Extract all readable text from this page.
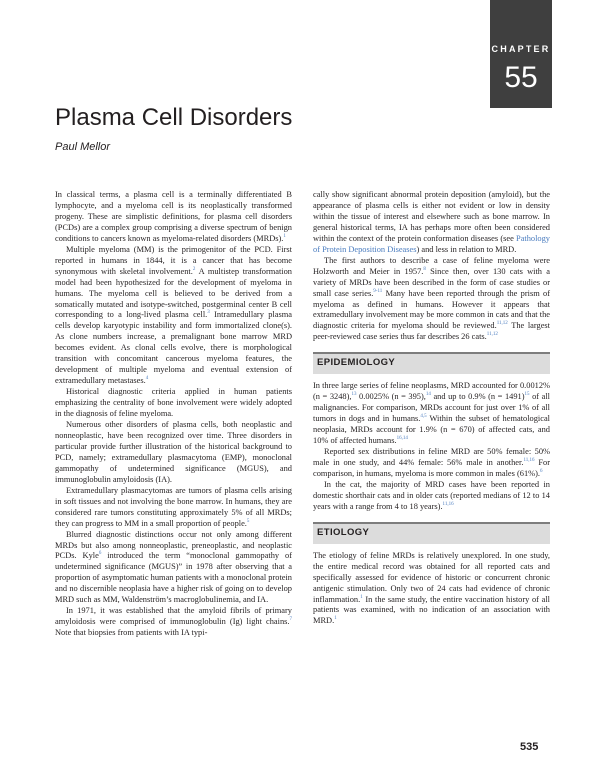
CHAPTER
55
Plasma Cell Disorders
Paul Mellor

In classical terms, a plasma cell is a terminally differentiated B lymphocyte, and a myeloma cell is its neoplastically transformed progeny. These are simplistic definitions, for plasma cell disorders (PCDs) are a complex group comprising a diverse spectrum of benign conditions to cancers known as myeloma-related disorders (MRDs).$^1$

Multiple myeloma (MM) is the primogenitor of the PCD. First reported in humans in 1844, it is a cancer that has become synonymous with skeletal involvement.$^2$ A multistep transformation model had been hypothesized for the development of myeloma in humans. The myeloma cell is believed to be derived from a somatically mutated and isotype-switched, postgerminal center B cell corresponding to a long-lived plasma cell.$^3$ Intramedullary plasma cells develop karyotypic instability and form immortalized clone(s). As clone numbers increase, a premalignant bone marrow MRD becomes evident. As clonal cells evolve, there is morphological transition with concomitant cancerous myeloma features, the development of multiple myeloma and eventual extension of extramedullary metastases.$^4$

Historical diagnostic criteria applied in human patients emphasizing the centrality of bone involvement were widely adopted in the diagnosis of feline myeloma.

Numerous other disorders of plasma cells, both neoplastic and nonneoplastic, have been recognized over time. Three disorders in particular provide further illustration of the historical background to PCD, namely; extramedullary plasmacytoma (EMP), monoclonal gammopathy of undetermined significance (MGUS), and immunoglobulin amyloidosis (IA).

Extramedullary plasmacytomas are tumors of plasma cells arising in soft tissues and not involving the bone marrow. In humans, they are considered rare tumors constituting approximately 5% of all MRDs; they can progress to MM in a small proportion of people.$^5$

Blurred diagnostic distinctions occur not only among different MRDs but also among nonneoplastic, preneoplastic, and neoplastic PCDs. Kyle$^6$ introduced the term “monoclonal gammopathy of undetermined significance (MGUS)” in 1978 after observing that a proportion of asymptomatic human patients with a monoclonal protein and no discernible neoplasia have a higher risk of going on to develop MRD such as MM, Waldenström’s macroglobulinemia, and IA.

In 1971, it was established that the amyloid fibrils of primary amyloidosis were comprised of immunoglobulin (Ig) light chains.$^7$ Note that biopsies from patients with IA typi-

cally show significant abnormal protein deposition (amyloid), but the appearance of plasma cells is either not evident or low in density within the tissue of interest and elsewhere such as bone marrow. In general historical terms, IA has perhaps more often been considered within the context of the protein conformation diseases (see Pathology of Protein Deposition Diseases) and less in relation to MRD.

The first authors to describe a case of feline myeloma were Holzworth and Meier in 1957.$^8$ Since then, over 130 cats with a variety of MRDs have been described in the form of case studies or small case series.$^{9-11}$ Many have been reported through the prism of myeloma as defined in humans. However it appears that extramedullary involvement may be more common in cats and that the diagnostic criteria for myeloma should be reviewed.$^{11,12}$ The largest peer-reviewed case series thus far describes 26 cats.$^{11,12}$

EPIDEMIOLOGY

In three large series of feline neoplasms, MRD accounted for 0.0012% (n = 3248),$^{13}$ 0.0025% (n = 395),$^{14}$ and up to 0.9% (n = 1491)$^{15}$ of all malignancies. For comparison, MRDs account for just over 1% of all tumors in dogs and in humans.$^{4,5}$ Within the subset of hematological neoplasia, MRDs account for 1.9% (n = 670) of affected cats, and 10% of affected humans.$^{16,14}$

Reported sex distributions in feline MRD are 50% female: 50% male in one study, and 44% female: 56% male in another.$^{11,16}$ For comparison, in humans, myeloma is more common in males (61%).$^6$

In the cat, the majority of MRD cases have been reported in domestic shorthair cats and in older cats (reported medians of 12 to 14 years with a range from 4 to 18 years).$^{11,16}$

ETIOLOGY

The etiology of feline MRDs is relatively unexplored. In one study, the entire medical record was obtained for all reported cats and specifically assessed for evidence of historic or concurrent chronic antigenic stimulation. Only two of 24 cats had evidence of chronic inflammation.$^1$ In the same study, the entire vaccination history of all patients was examined, with no indication of an association with MRD.$^1$

535
